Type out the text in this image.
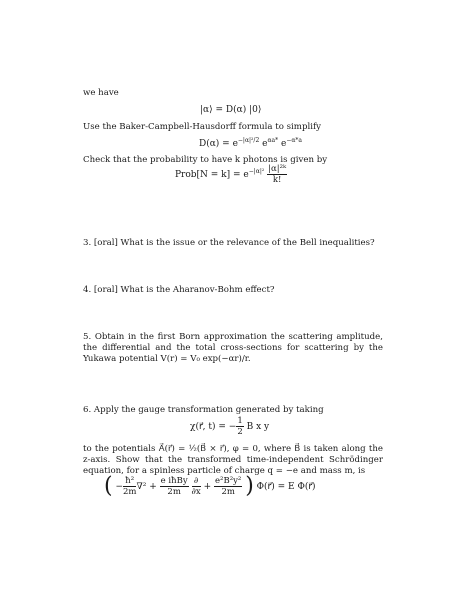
we have
|α⟩ = D(α) |0⟩
Use the Baker-Campbell-Hausdorff formula to simplify
$D(\alpha) = e^{-|\alpha|^2/2}$ $e^{\alpha a*}$ $e^{-\alpha*a}$
Check that the probability to have k photons is given by
Prob[N = $k] = e^{-|\alpha|^2} \frac{\text{|α|²ᵏ}}{k!}$
3. [oral] What is the issue or the relevance of the Bell inequalities?
4. [oral] What is the Aharanov-Bohm effect?
5. Obtain in the first Born approximation the scattering amplitude, the differential and the total cross-sections for scattering by the Yukawa potential V(r) = V₀ exp(−αr)/r.
6. Apply the gauge transformation generated by taking
χ(r⃗, t) = − $\frac{1}{2}$ B x y
to the potentials A⃗(r⃗) = ½(B⃗ × r⃗), φ = 0, where B⃗ is taken along the z-axis. Show that the transformed time-independent Schrödinger equation, for a spinless particle of charge q = −e and mass m, is
( − $\frac{\text{ħ²}}{2m} \nabla^2 + \frac{\text{e iħBy}}{2m}$
$\frac{\partial}{\partial x} + \frac{\text{e²B²y²}}{2m}$ ) Φ(r⃗) = E Φ(r⃗)
